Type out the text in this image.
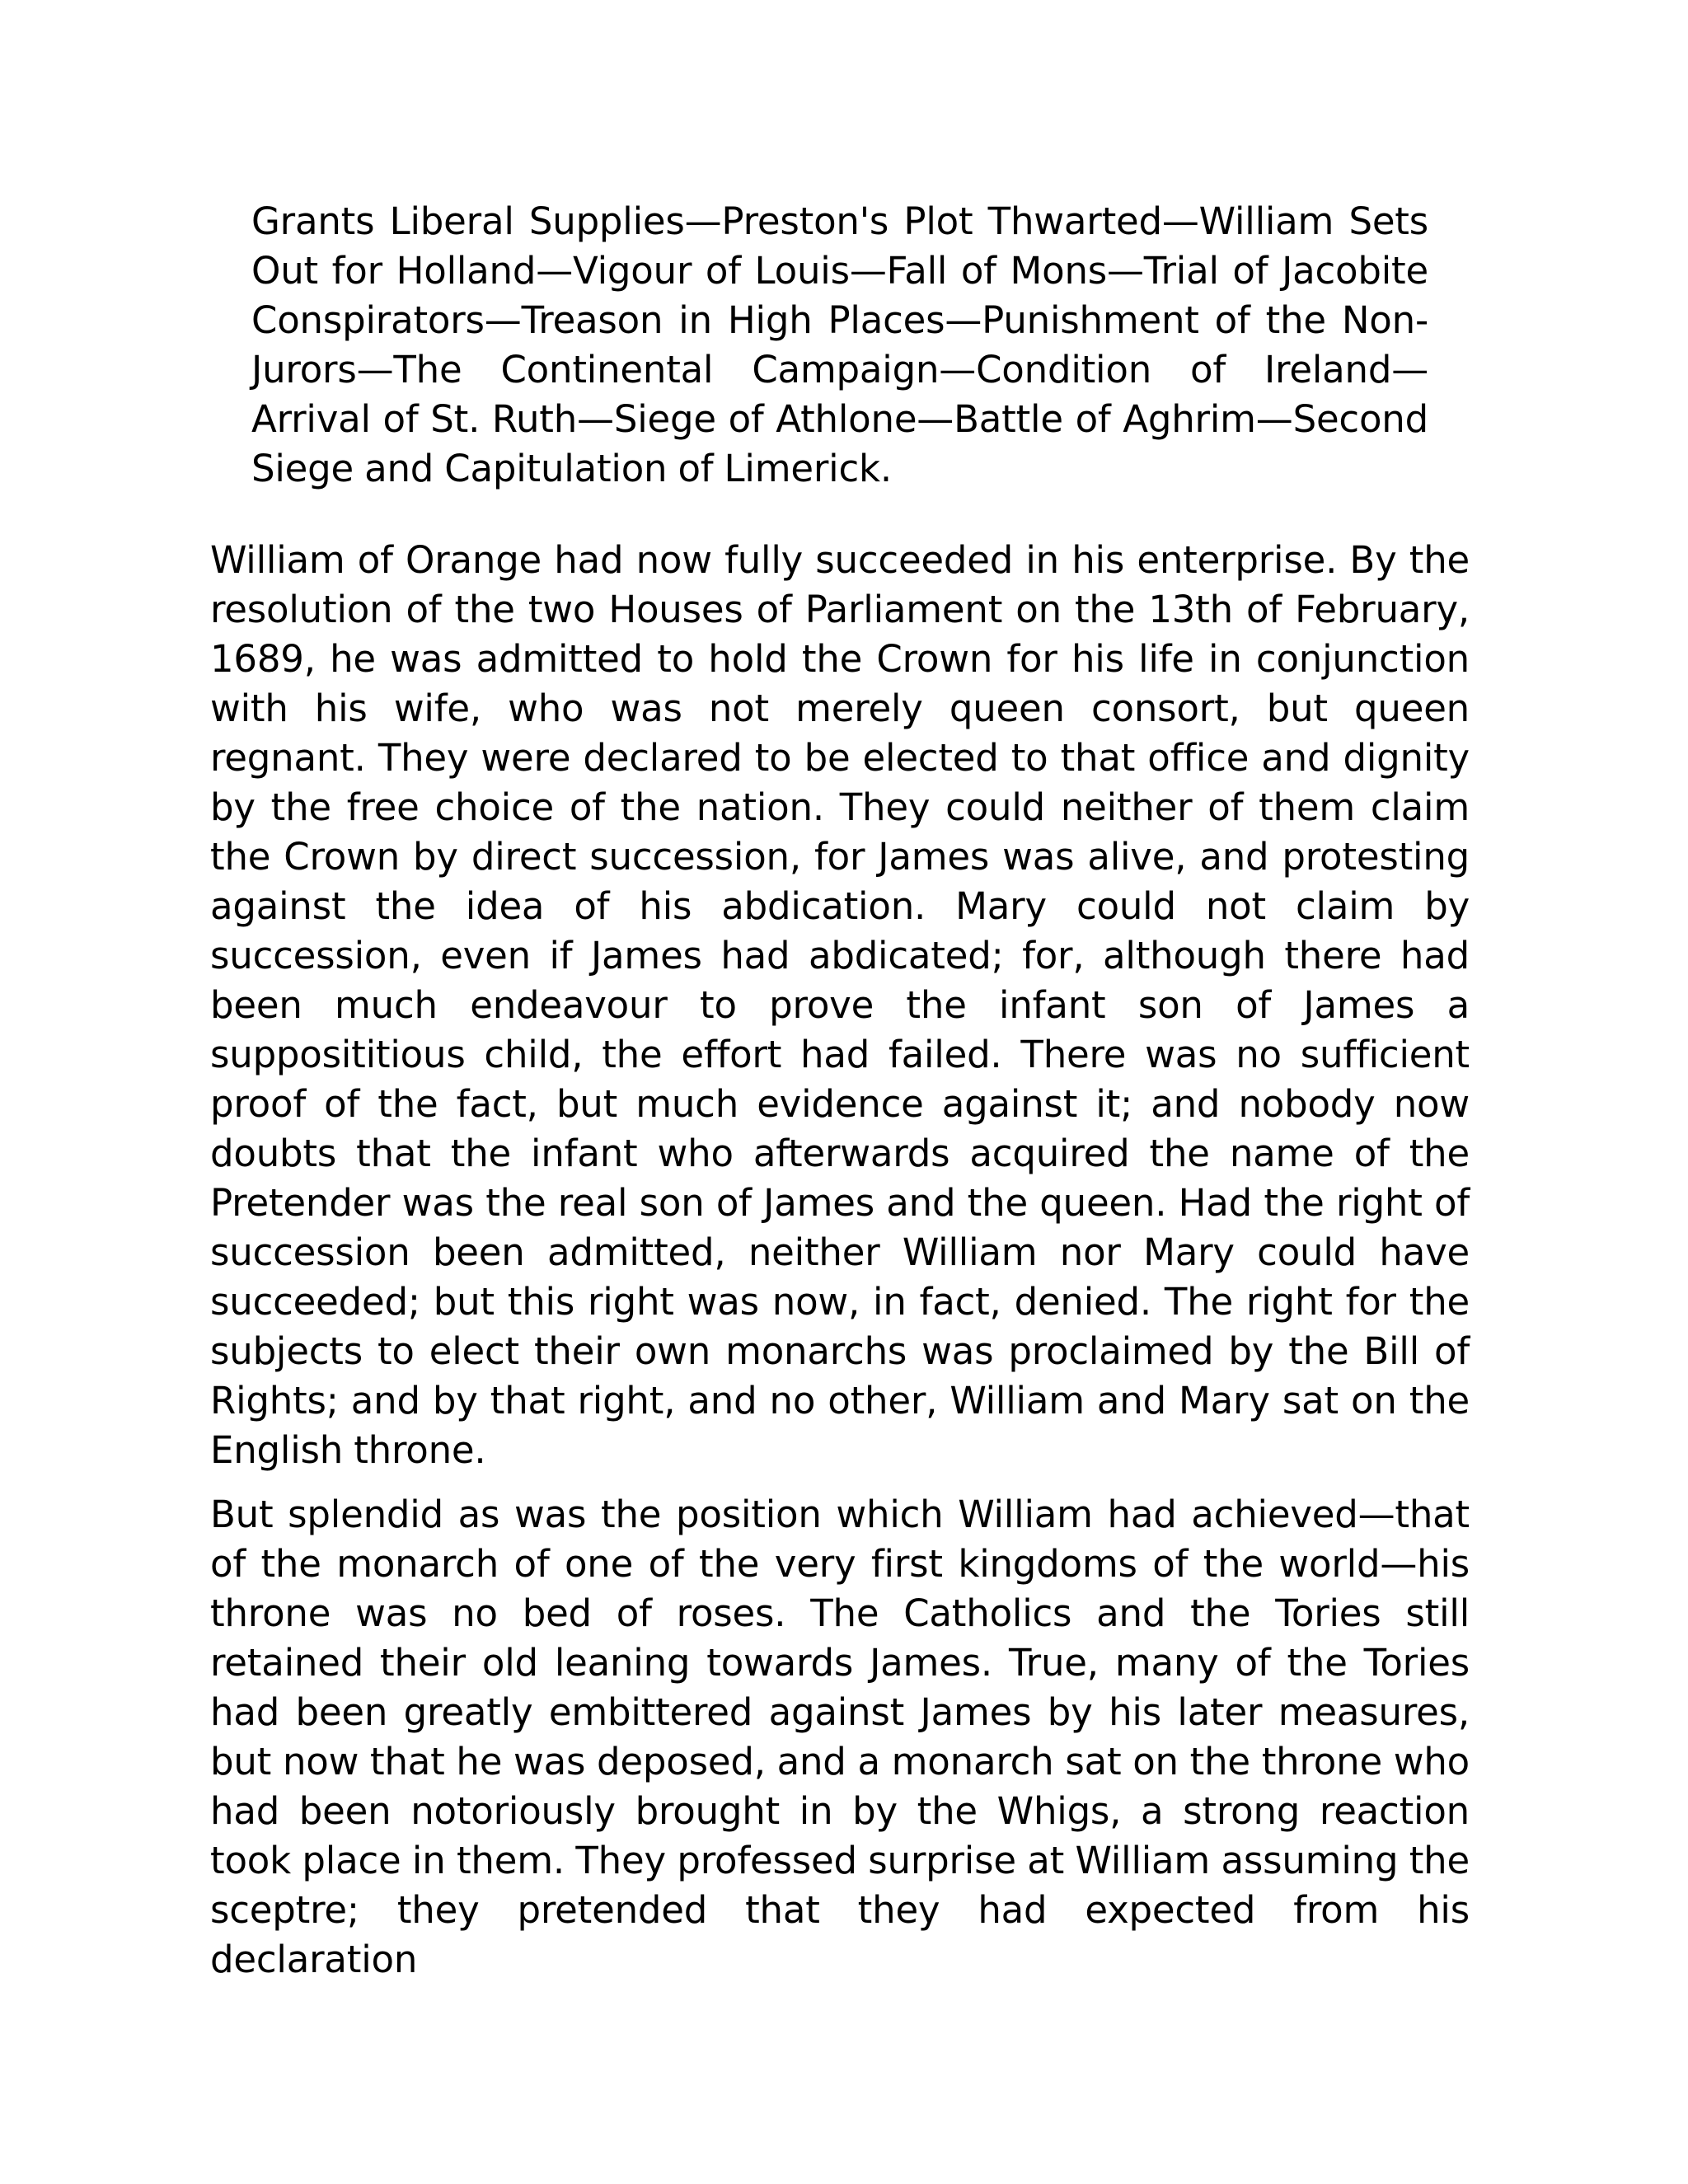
Grants Liberal Supplies—Preston's Plot Thwarted—William Sets Out for Holland—Vigour of Louis—Fall of Mons—Trial of Jacobite Conspirators—Treason in High Places—Punishment of the Non-Jurors—The Continental Campaign—Condition of Ireland—Arrival of St. Ruth—Siege of Athlone—Battle of Aghrim—Second Siege and Capitulation of Limerick.
William of Orange had now fully succeeded in his enterprise. By the resolution of the two Houses of Parliament on the 13th of February, 1689, he was admitted to hold the Crown for his life in conjunction with his wife, who was not merely queen consort, but queen regnant. They were declared to be elected to that office and dignity by the free choice of the nation. They could neither of them claim the Crown by direct succession, for James was alive, and protesting against the idea of his abdication. Mary could not claim by succession, even if James had abdicated; for, although there had been much endeavour to prove the infant son of James a supposititious child, the effort had failed. There was no sufficient proof of the fact, but much evidence against it; and nobody now doubts that the infant who afterwards acquired the name of the Pretender was the real son of James and the queen. Had the right of succession been admitted, neither William nor Mary could have succeeded; but this right was now, in fact, denied. The right for the subjects to elect their own monarchs was proclaimed by the Bill of Rights; and by that right, and no other, William and Mary sat on the English throne.
But splendid as was the position which William had achieved—that of the monarch of one of the very first kingdoms of the world—his throne was no bed of roses. The Catholics and the Tories still retained their old leaning towards James. True, many of the Tories had been greatly embittered against James by his later measures, but now that he was deposed, and a monarch sat on the throne who had been notoriously brought in by the Whigs, a strong reaction took place in them. They professed surprise at William assuming the sceptre; they pretended that they had expected from his declaration
